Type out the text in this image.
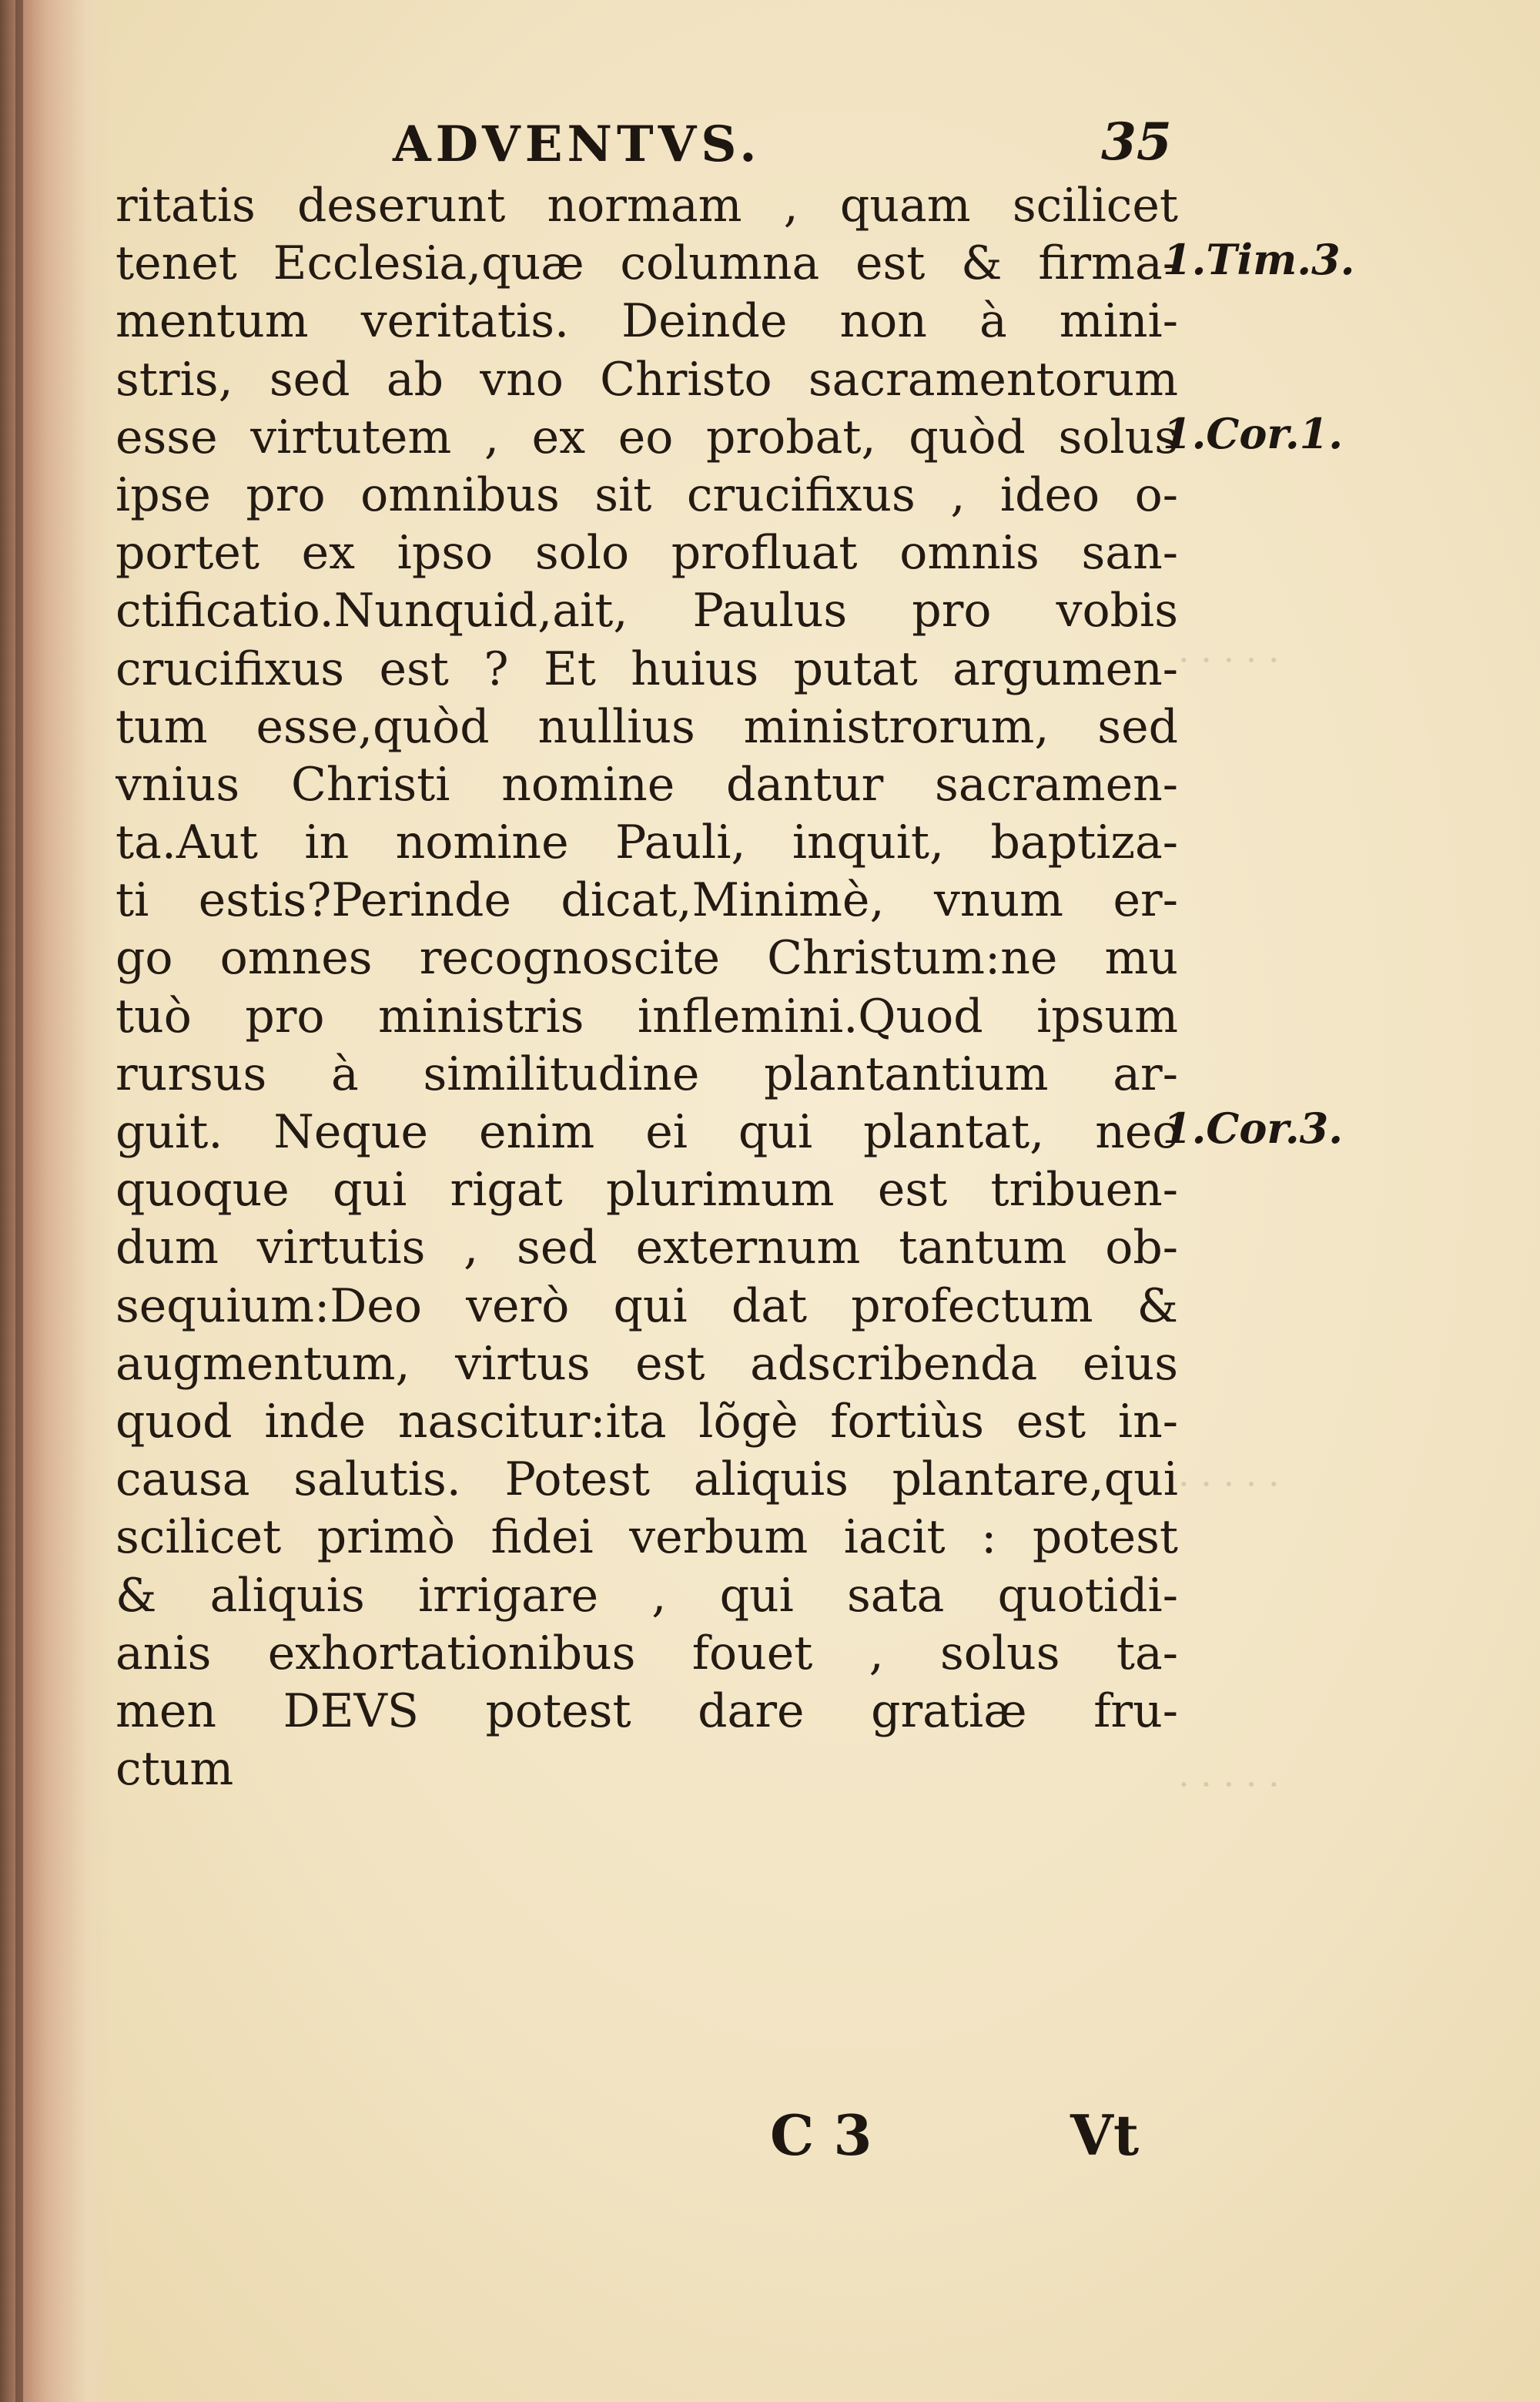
ADVENTVS.	35
ritatis deserunt normam , quam scilicet
tenet Ecclesia,quæ columna est & firma-
mentum veritatis. Deinde non à mini-
stris, sed ab vno Christo sacramentorum
esse virtutem , ex eo probat, quòd solus
ipse pro omnibus sit crucifixus , ideo o-
portet ex ipso solo profluat omnis san-
ctificatio.Nunquid,ait, Paulus pro vobis
crucifixus est ? Et huius putat argumen-
tum esse,quòd nullius ministrorum, sed
vnius Christi nomine dantur sacramen-
ta.Aut in nomine Pauli, inquit, baptiza-
ti estis?Perinde dicat,Minimè, vnum er-
go omnes recognoscite Christum:ne mu
tuò pro ministris inflemini.Quod ipsum
rursus à similitudine plantantium ar-
guit. Neque enim ei qui plantat, nec
quoque qui rigat plurimum est tribuen-
dum virtutis , sed externum tantum ob-
sequium:Deo verò qui dat profectum &
augmentum, virtus est adscribenda eius
quod inde nascitur:ita lõgè fortiùs est in-
causa salutis. Potest aliquis plantare,qui
scilicet primò fidei verbum iacit : potest
& aliquis irrigare , qui sata quotidi-
anis exhortationibus fouet , solus ta-
men DEVS potest dare gratiæ fru-
ctum
1.Tim.3.
1.Cor.1.
1.Cor.3.
· · · · ·
· · · · ·
· · · · ·
C 3	Vt
